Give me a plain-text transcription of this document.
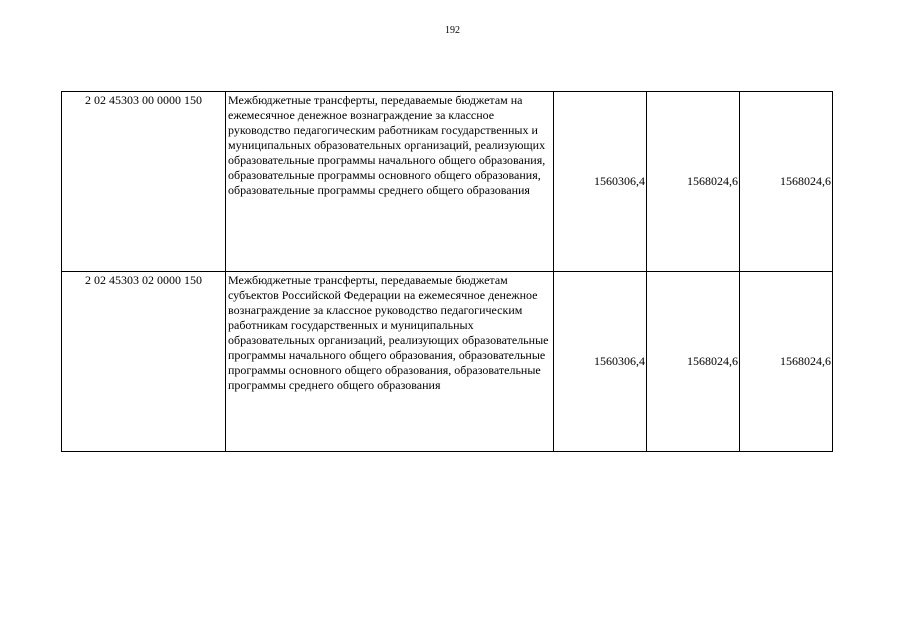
192
2 02 45303 00 0000 150	Межбюджетные трансферты, передаваемые бюджетам на ежемесячное денежное вознаграждение за классное руководство педагогическим работникам государственных и муниципальных образовательных организаций, реализующих образовательные программы начального общего образования, образовательные программы основного общего образования, образовательные программы среднего общего образования	1560306,4	1568024,6	1568024,6
2 02 45303 02 0000 150	Межбюджетные трансферты, передаваемые бюджетам субъектов Российской Федерации на ежемесячное денежное вознаграждение за классное руководство педагогическим работникам государственных и муниципальных образовательных организаций, реализующих образовательные программы начального общего образования, образовательные программы основного общего образования, образовательные программы среднего общего образования	1560306,4	1568024,6	1568024,6
